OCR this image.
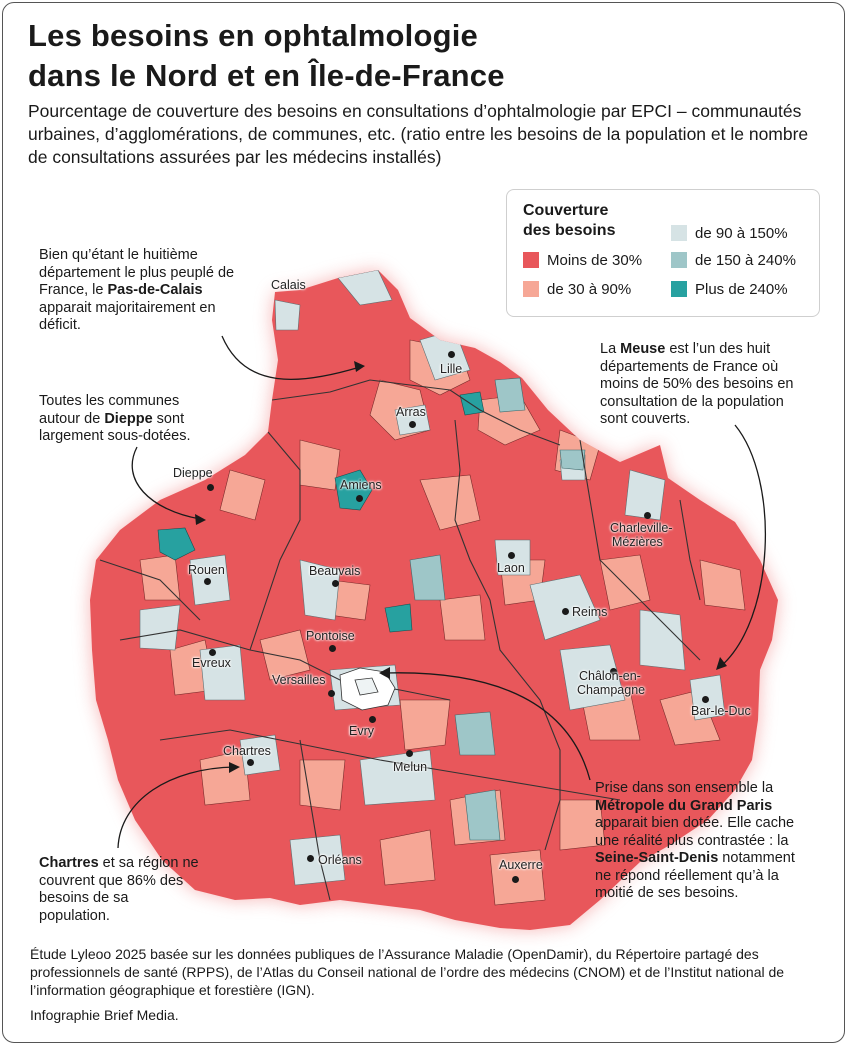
Les besoins en ophtalmologie
dans le Nord et en Île-de-France
Pourcentage de couverture des besoins en consultations d’ophtalmologie par EPCI – communautés urbaines, d’agglomérations, de communes, etc. (ratio entre les besoins de la population et le nombre de consultations assurées par les médecins installés)
Calais
Lille
Arras
Dieppe
Amiens
Charleville-
Mézières
Rouen	Laon
Beauvais
Reims
Pontoise
Evreux
Châlon-en-
Champagne
Versailles
Bar-le-Duc
Evry
Chartres
Melun
Orléans	Auxerre
Couverture
des besoins
Moins de 30%
de 30 à 90%
de 90 à 150%
de 150 à 240%
Plus de 240%
Bien qu’étant le huitième département le plus peuplé de France, le Pas-de-Calais apparait majoritairement en déficit.
Toutes les communes autour de Dieppe sont largement sous-dotées.
La Meuse est l’un des huit départements de France où moins de 50% des besoins en consultation de la population sont couverts.
Chartres et sa région ne couvrent que 86% des besoins de sa population.
Prise dans son ensemble la Métropole du Grand Paris apparait bien dotée. Elle cache une réalité plus contrastée : la Seine-Saint-Denis notamment ne répond réellement qu’à la moitié de ses besoins.
Étude Lyleoo 2025 basée sur les données publiques de l’Assurance Maladie (OpenDamir), du Répertoire partagé des professionnels de santé (RPPS), de l’Atlas du Conseil national de l’ordre des médecins (CNOM) et de l’Institut national de l’information géographique et forestière (IGN).
Infographie Brief Media.
